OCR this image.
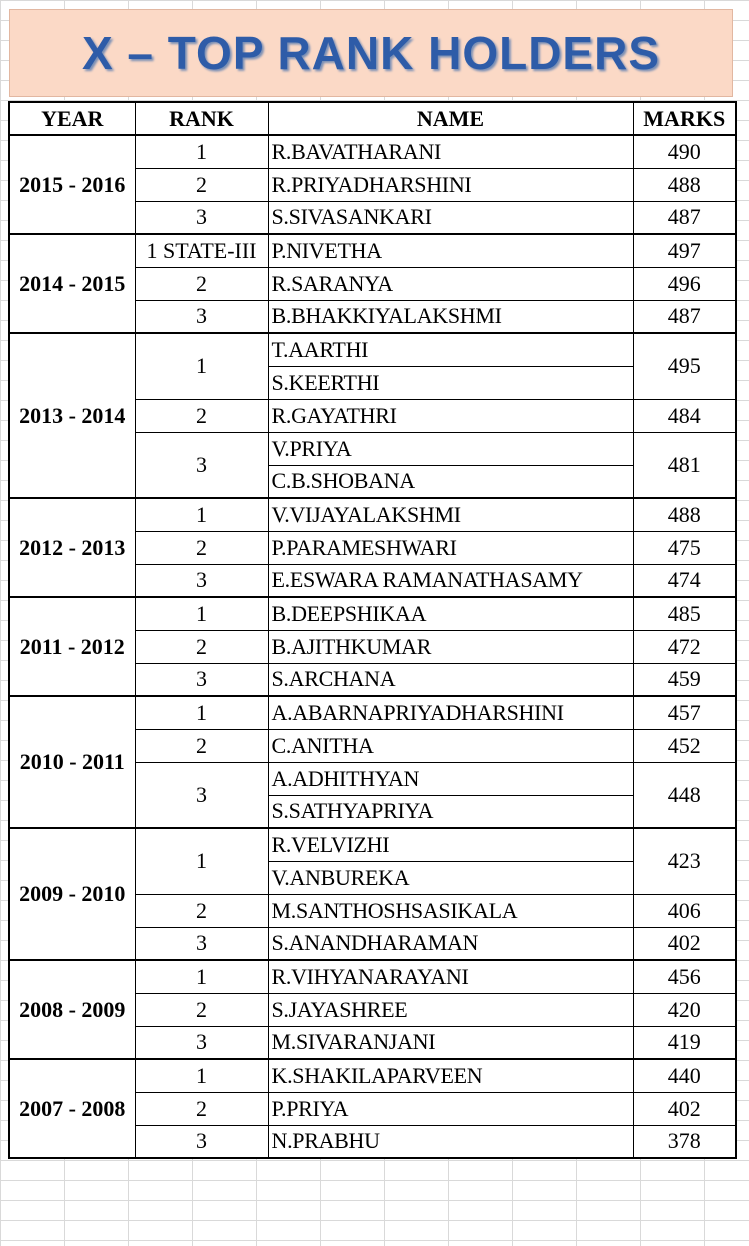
X – TOP RANK HOLDERS
YEAR	RANK	NAME	MARKS
2015 - 2016	1	R.BAVATHARANI	490
	2	R.PRIYADHARSHINI	488
	3	S.SIVASANKARI	487
2014 - 2015	1 STATE-III	P.NIVETHA	497
	2	R.SARANYA	496
	3	B.BHAKKIYALAKSHMI	487
2013 - 2014	1	T.AARTHI	495
		S.KEERTHI	
	2	R.GAYATHRI	484
	3	V.PRIYA	481
		C.B.SHOBANA	
2012 - 2013	1	V.VIJAYALAKSHMI	488
	2	P.PARAMESHWARI	475
	3	E.ESWARA RAMANATHASAMY	474
2011 - 2012	1	B.DEEPSHIKAA	485
	2	B.AJITHKUMAR	472
	3	S.ARCHANA	459
2010 - 2011	1	A.ABARNAPRIYADHARSHINI	457
	2	C.ANITHA	452
	3	A.ADHITHYAN	448
		S.SATHYAPRIYA	
2009 - 2010	1	R.VELVIZHI	423
		V.ANBUREKA	
	2	M.SANTHOSHSASIKALA	406
	3	S.ANANDHARAMAN	402
2008 - 2009	1	R.VIHYANARAYANI	456
	2	S.JAYASHREE	420
	3	M.SIVARANJANI	419
2007 - 2008	1	K.SHAKILAPARVEEN	440
	2	P.PRIYA	402
	3	N.PRABHU	378
